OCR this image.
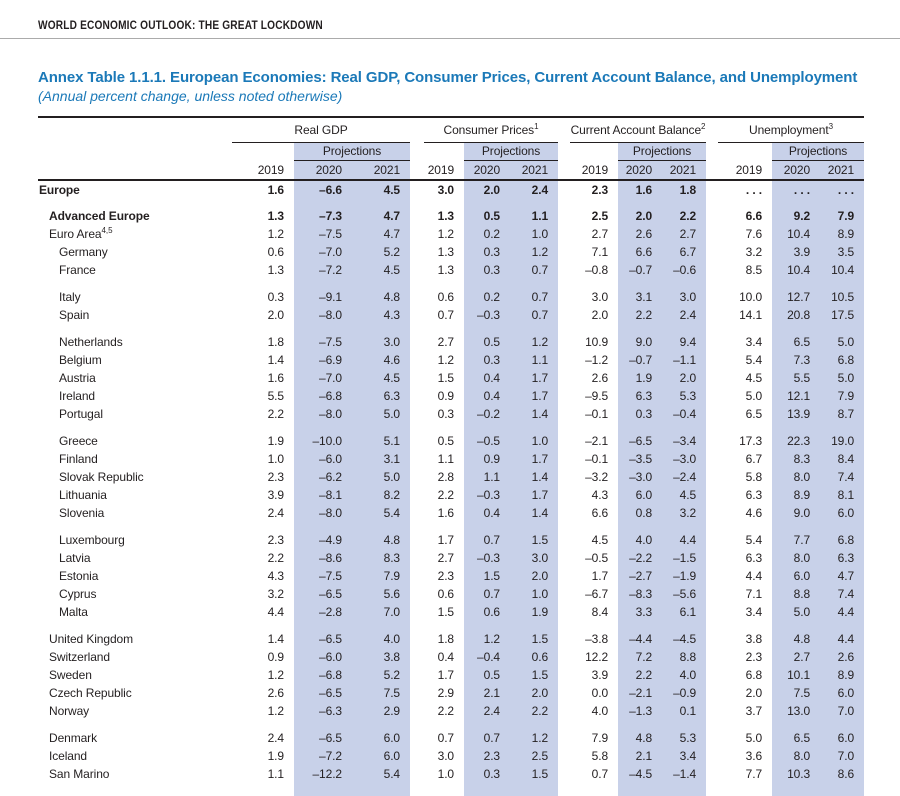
WORLD ECONOMIC OUTLOOK: THE GREAT LOCKDOWN
Annex Table 1.1.1. European Economies: Real GDP, Consumer Prices, Current Account Balance, and Unemployment
(Annual percent change, unless noted otherwise)
	Real GDP				Consumer Prices$^1$				Current Account Balance$^2$				Unemployment$^3$
		Projections				Projections				Projections				Projections	
	2019	2020	2021		2019	2020	2021		2019	2020	2021		2019	2020	2021
Europe	1.6	–6.6	4.5		3.0	2.0	2.4		2.3	1.6	1.8		. . .	. . .	. . .

Advanced Europe	1.3	–7.3	4.7		1.3	0.5	1.1		2.5	2.0	2.2		6.6	9.2	7.9
Euro Area$^{4,5}$	1.2	–7.5	4.7		1.2	0.2	1.0		2.7	2.6	2.7		7.6	10.4	8.9
Germany	0.6	–7.0	5.2		1.3	0.3	1.2		7.1	6.6	6.7		3.2	3.9	3.5
France	1.3	–7.2	4.5		1.3	0.3	0.7		–0.8	–0.7	–0.6		8.5	10.4	10.4

Italy	0.3	–9.1	4.8		0.6	0.2	0.7		3.0	3.1	3.0		10.0	12.7	10.5
Spain	2.0	–8.0	4.3		0.7	–0.3	0.7		2.0	2.2	2.4		14.1	20.8	17.5

Netherlands	1.8	–7.5	3.0		2.7	0.5	1.2		10.9	9.0	9.4		3.4	6.5	5.0
Belgium	1.4	–6.9	4.6		1.2	0.3	1.1		–1.2	–0.7	–1.1		5.4	7.3	6.8
Austria	1.6	–7.0	4.5		1.5	0.4	1.7		2.6	1.9	2.0		4.5	5.5	5.0
Ireland	5.5	–6.8	6.3		0.9	0.4	1.7		–9.5	6.3	5.3		5.0	12.1	7.9
Portugal	2.2	–8.0	5.0		0.3	–0.2	1.4		–0.1	0.3	–0.4		6.5	13.9	8.7

Greece	1.9	–10.0	5.1		0.5	–0.5	1.0		–2.1	–6.5	–3.4		17.3	22.3	19.0
Finland	1.0	–6.0	3.1		1.1	0.9	1.7		–0.1	–3.5	–3.0		6.7	8.3	8.4
Slovak Republic	2.3	–6.2	5.0		2.8	1.1	1.4		–3.2	–3.0	–2.4		5.8	8.0	7.4
Lithuania	3.9	–8.1	8.2		2.2	–0.3	1.7		4.3	6.0	4.5		6.3	8.9	8.1
Slovenia	2.4	–8.0	5.4		1.6	0.4	1.4		6.6	0.8	3.2		4.6	9.0	6.0

Luxembourg	2.3	–4.9	4.8		1.7	0.7	1.5		4.5	4.0	4.4		5.4	7.7	6.8
Latvia	2.2	–8.6	8.3		2.7	–0.3	3.0		–0.5	–2.2	–1.5		6.3	8.0	6.3
Estonia	4.3	–7.5	7.9		2.3	1.5	2.0		1.7	–2.7	–1.9		4.4	6.0	4.7
Cyprus	3.2	–6.5	5.6		0.6	0.7	1.0		–6.7	–8.3	–5.6		7.1	8.8	7.4
Malta	4.4	–2.8	7.0		1.5	0.6	1.9		8.4	3.3	6.1		3.4	5.0	4.4

United Kingdom	1.4	–6.5	4.0		1.8	1.2	1.5		–3.8	–4.4	–4.5		3.8	4.8	4.4
Switzerland	0.9	–6.0	3.8		0.4	–0.4	0.6		12.2	7.2	8.8		2.3	2.7	2.6
Sweden	1.2	–6.8	5.2		1.7	0.5	1.5		3.9	2.2	4.0		6.8	10.1	8.9
Czech Republic	2.6	–6.5	7.5		2.9	2.1	2.0		0.0	–2.1	–0.9		2.0	7.5	6.0
Norway	1.2	–6.3	2.9		2.2	2.4	2.2		4.0	–1.3	0.1		3.7	13.0	7.0

Denmark	2.4	–6.5	6.0		0.7	0.7	1.2		7.9	4.8	5.3		5.0	6.5	6.0
Iceland	1.9	–7.2	6.0		3.0	2.3	2.5		5.8	2.1	3.4		3.6	8.0	7.0
San Marino	1.1	–12.2	5.4		1.0	0.3	1.5		0.7	–4.5	–1.4		7.7	10.3	8.6
